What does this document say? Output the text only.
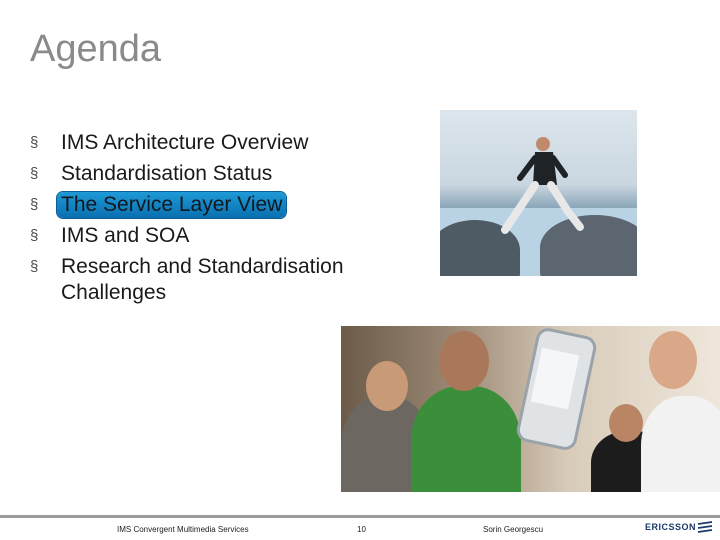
Agenda
§ IMS Architecture Overview
§ Standardisation Status
§ The Service Layer View
§ IMS and SOA
§ Research and Standardisation Challenges
IMS Convergent Multimedia Services	10	Sorin Georgescu	ERICSSON
